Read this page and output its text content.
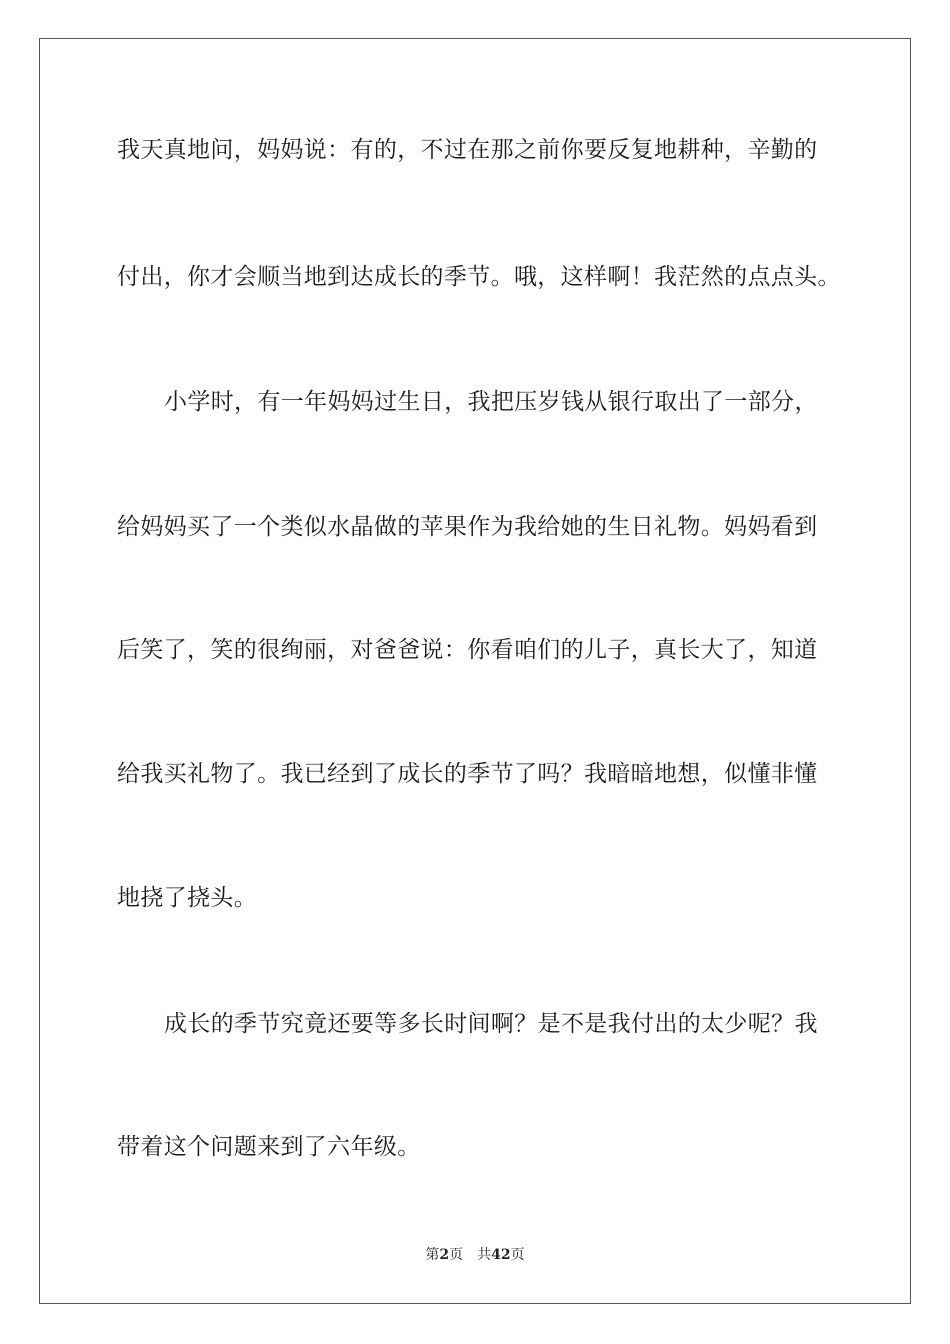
我天真地问，妈妈说：有的，不过在那之前你要反复地耕种，辛勤的
付出，你才会顺当地到达成长的季节。哦，这样啊！我茫然的点点头。
小学时，有一年妈妈过生日，我把压岁钱从银行取出了一部分，
给妈妈买了一个类似水晶做的苹果作为我给她的生日礼物。妈妈看到
后笑了，笑的很绚丽，对爸爸说：你看咱们的儿子，真长大了，知道
给我买礼物了。我已经到了成长的季节了吗？我暗暗地想，似懂非懂
地挠了挠头。
成长的季节究竟还要等多长时间啊？是不是我付出的太少呢？我
带着这个问题来到了六年级。
第2页 共42页
